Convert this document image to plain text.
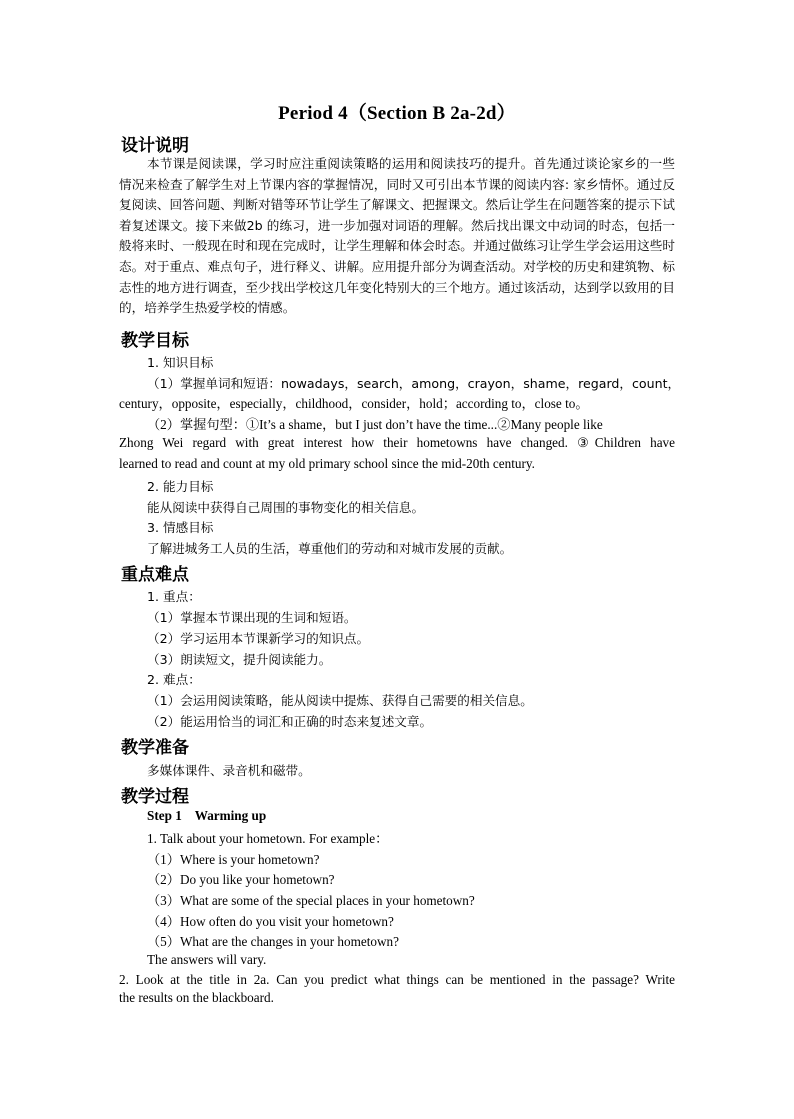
Period 4（Section B 2a-2d）
设计说明
本节课是阅读课，学习时应注重阅读策略的运用和阅读技巧的提升。首先通过谈论家乡的一些情况来检查了解学生对上节课内容的掌握情况，同时又可引出本节课的阅读内容: 家乡情怀。通过反复阅读、回答问题、判断对错等环节让学生了解课文、把握课文。然后让学生在问题答案的提示下试着复述课文。接下来做2b 的练习，进一步加强对词语的理解。然后找出课文中动词的时态，包括一般将来时、一般现在时和现在完成时，让学生理解和体会时态。并通过做练习让学生学会运用这些时态。对于重点、难点句子，进行释义、讲解。应用提升部分为调查活动。对学校的历史和建筑物、标志性的地方进行调查，至少找出学校这几年变化特别大的三个地方。通过该活动，达到学以致用的目的，培养学生热爱学校的情感。
教学目标
1. 知识目标
（1）掌握单词和短语：nowadays，search，among，crayon，shame，regard，count，
century，opposite，especially，childhood，consider，hold；according to，close to。
（2）掌握句型：①It’s a shame，but I just don’t have the time...②Many people like
Zhong Wei regard with great interest how their hometowns have changed. ③Children have
learned to read and count at my old primary school since the mid-20th century.
2. 能力目标
能从阅读中获得自己周围的事物变化的相关信息。
3. 情感目标
了解进城务工人员的生活，尊重他们的劳动和对城市发展的贡献。
重点难点
1. 重点：
（1）掌握本节课出现的生词和短语。
（2）学习运用本节课新学习的知识点。
（3）朗读短文，提升阅读能力。
2. 难点：
（1）会运用阅读策略，能从阅读中提炼、获得自己需要的相关信息。
（2）能运用恰当的词汇和正确的时态来复述文章。
教学准备
多媒体课件、录音机和磁带。
教学过程
Step 1    Warming up
1. Talk about your hometown. For example：
（1）Where is your hometown?
（2）Do you like your hometown?
（3）What are some of the special places in your hometown?
（4）How often do you visit your hometown?
（5）What are the changes in your hometown?
The answers will vary.
2. Look at the title in 2a. Can you predict what things can be mentioned in the passage? Write
the results on the blackboard.
